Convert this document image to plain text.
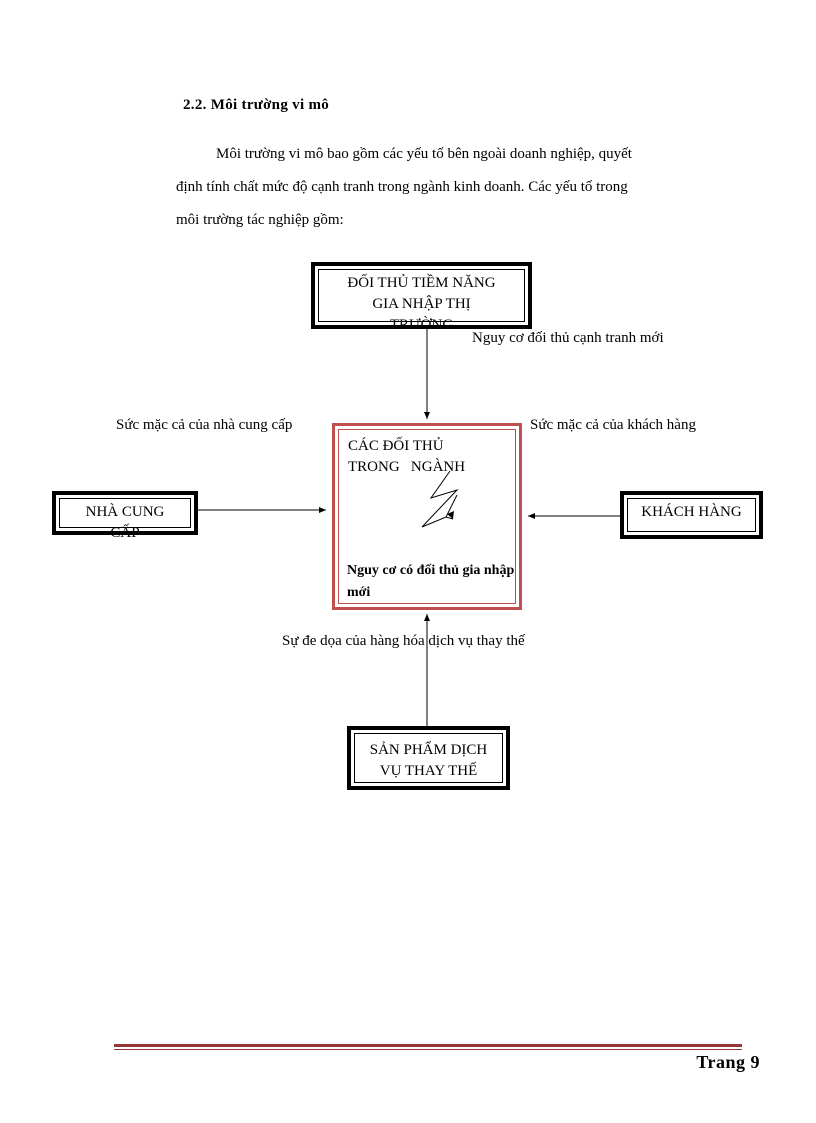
2.2. Môi trường vi mô
Môi trường vi mô bao gồm các yếu tố bên ngoài doanh nghiệp, quyết
định tính chất mức độ cạnh tranh trong ngành kinh doanh. Các yếu tố trong
môi trường tác nghiệp gồm:
ĐỐI THỦ TIỀM NĂNG
GIA NHẬP THỊ
TRƯỜNG
CÁC ĐỐI THỦ
TRONG   NGÀNH
Nguy cơ có đối thủ gia nhập mới
NHÀ CUNG
CẤP
KHÁCH HÀNG
SẢN PHẨM DỊCH
VỤ THAY THẾ
Nguy cơ đối thủ cạnh tranh mới
Sức mặc cả của nhà cung cấp	Sức mặc cả của khách hàng
Sự đe dọa của hàng hóa dịch vụ thay thế
Trang 9
